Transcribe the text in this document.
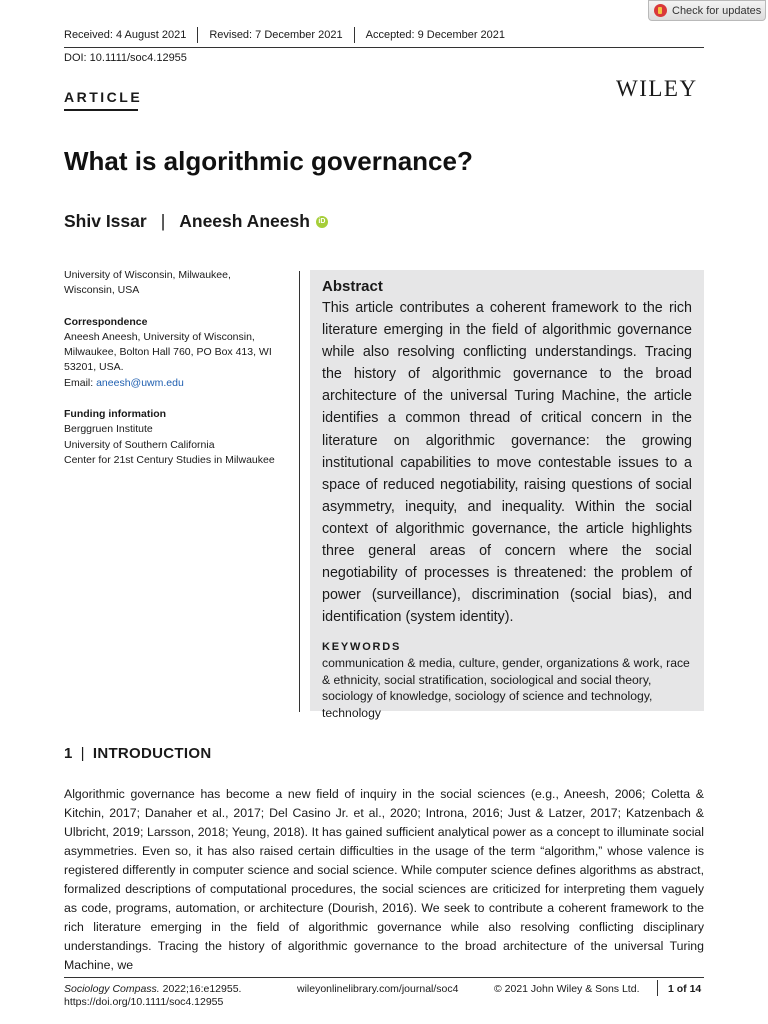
Check for updates
Received: 4 August 2021 Revised: 7 December 2021 Accepted: 9 December 2021
DOI: 10.1111/soc4.12955
ARTICLE	WILEY
What is algorithmic governance?
Shiv Issar | Aneesh Aneesh	iD

University of Wisconsin, Milwaukee,

Wisconsin, USA

Correspondence

Aneesh Aneesh, University of Wisconsin,

Milwaukee, Bolton Hall 760, PO Box 413, WI

53201, USA.

Email: aneesh@uwm.edu

Funding information

Berggruen Institute

University of Southern California

Center for 21st Century Studies in Milwaukee

Abstract
This article contributes a coherent framework to the rich literature emerging in the field of algorithmic governance while also resolving conflicting understandings. Tracing the history of algorithmic governance to the broad architecture of the universal Turing Machine, the article identifies a common thread of critical concern in the literature on algorithmic governance: the growing institutional capabilities to move contestable issues to a space of reduced negotiability, raising questions of social asymmetry, inequity, and inequality. Within the social context of algorithmic governance, the article highlights three general areas of concern where the social negotiability of processes is threatened: the problem of power (surveillance), discrimination (social bias), and identification (system identity).
KEYWORDS
communication & media, culture, gender, organizations & work, race & ethnicity, social stratification, sociological and social theory, sociology of knowledge, sociology of science and technology, technology
1 | INTRODUCTION
Algorithmic governance has become a new field of inquiry in the social sciences (e.g., Aneesh, 2006; Coletta & Kitchin, 2017; Danaher et al., 2017; Del Casino Jr. et al., 2020; Introna, 2016; Just & Latzer, 2017; Katzenbach & Ulbricht, 2019; Larsson, 2018; Yeung, 2018). It has gained sufficient analytical power as a concept to illuminate social asymmetries. Even so, it has also raised certain difficulties in the usage of the term “algorithm,” whose valence is registered differently in computer science and social science. While computer science defines algorithms as abstract, formalized descriptions of computational procedures, the social sciences are criticized for interpreting them vaguely as code, programs, automation, or architecture (Dourish, 2016). We seek to contribute a coherent framework to the rich literature emerging in the field of algorithmic governance while also resolving conflicting disciplinary understandings. Tracing the history of algorithmic governance to the broad architecture of the universal Turing Machine, we
Sociology Compass. 2022;16:e12955.
https://doi.org/10.1111/soc4.12955
wileyonlinelibrary.com/journal/soc4	© 2021 John Wiley & Sons Ltd.	1 of 14
